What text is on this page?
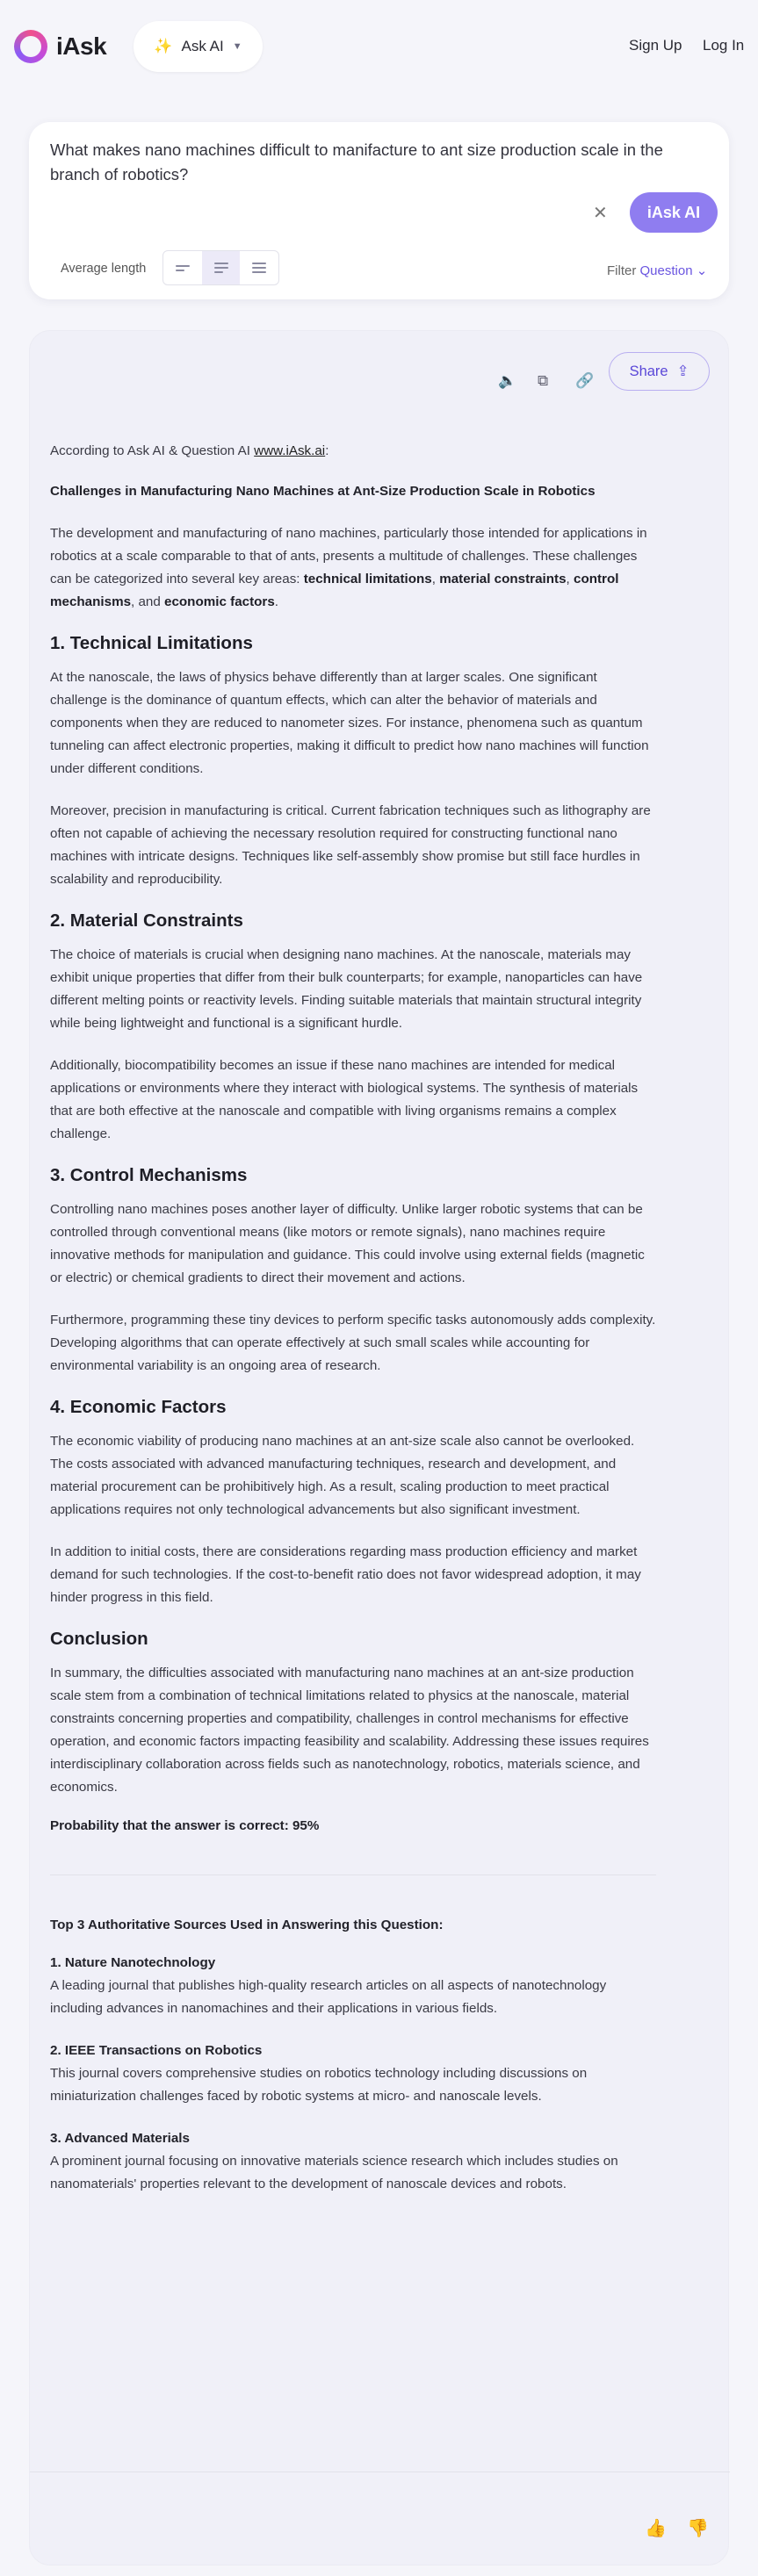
iAsk	✨ Ask AI ▼	Sign Up Log In
What makes nano machines difficult to manifacture to ant size production scale in the branch of robotics?
✕	iAsk AI
Average length	Filter Question ⌄
🔈 ⧉ 🔗
Share ⇪

According to Ask AI & Question AI www.iAsk.ai:

Challenges in Manufacturing Nano Machines at Ant-Size Production Scale in Robotics

The development and manufacturing of nano machines, particularly those intended for applications in robotics at a scale comparable to that of ants, presents a multitude of challenges. These challenges can be categorized into several key areas: technical limitations, material constraints, control mechanisms, and economic factors.

1. Technical Limitations

At the nanoscale, the laws of physics behave differently than at larger scales. One significant challenge is the dominance of quantum effects, which can alter the behavior of materials and components when they are reduced to nanometer sizes. For instance, phenomena such as quantum tunneling can affect electronic properties, making it difficult to predict how nano machines will function under different conditions.

Moreover, precision in manufacturing is critical. Current fabrication techniques such as lithography are often not capable of achieving the necessary resolution required for constructing functional nano machines with intricate designs. Techniques like self-assembly show promise but still face hurdles in scalability and reproducibility.

2. Material Constraints

The choice of materials is crucial when designing nano machines. At the nanoscale, materials may exhibit unique properties that differ from their bulk counterparts; for example, nanoparticles can have different melting points or reactivity levels. Finding suitable materials that maintain structural integrity while being lightweight and functional is a significant hurdle.

Additionally, biocompatibility becomes an issue if these nano machines are intended for medical applications or environments where they interact with biological systems. The synthesis of materials that are both effective at the nanoscale and compatible with living organisms remains a complex challenge.

3. Control Mechanisms

Controlling nano machines poses another layer of difficulty. Unlike larger robotic systems that can be controlled through conventional means (like motors or remote signals), nano machines require innovative methods for manipulation and guidance. This could involve using external fields (magnetic or electric) or chemical gradients to direct their movement and actions.

Furthermore, programming these tiny devices to perform specific tasks autonomously adds complexity. Developing algorithms that can operate effectively at such small scales while accounting for environmental variability is an ongoing area of research.

4. Economic Factors

The economic viability of producing nano machines at an ant-size scale also cannot be overlooked. The costs associated with advanced manufacturing techniques, research and development, and material procurement can be prohibitively high. As a result, scaling production to meet practical applications requires not only technological advancements but also significant investment.

In addition to initial costs, there are considerations regarding mass production efficiency and market demand for such technologies. If the cost-to-benefit ratio does not favor widespread adoption, it may hinder progress in this field.

Conclusion

In summary, the difficulties associated with manufacturing nano machines at an ant-size production scale stem from a combination of technical limitations related to physics at the nanoscale, material constraints concerning properties and compatibility, challenges in control mechanisms for effective operation, and economic factors impacting feasibility and scalability. Addressing these issues requires interdisciplinary collaboration across fields such as nanotechnology, robotics, materials science, and economics.

Probability that the answer is correct: 95%

Top 3 Authoritative Sources Used in Answering this Question:

1. Nature Nanotechnology

A leading journal that publishes high-quality research articles on all aspects of nanotechnology including advances in nanomachines and their applications in various fields.

2. IEEE Transactions on Robotics

This journal covers comprehensive studies on robotics technology including discussions on miniaturization challenges faced by robotic systems at micro- and nanoscale levels.

3. Advanced Materials

A prominent journal focusing on innovative materials science research which includes studies on nanomaterials' properties relevant to the development of nanoscale devices and robots.

👍 👎
